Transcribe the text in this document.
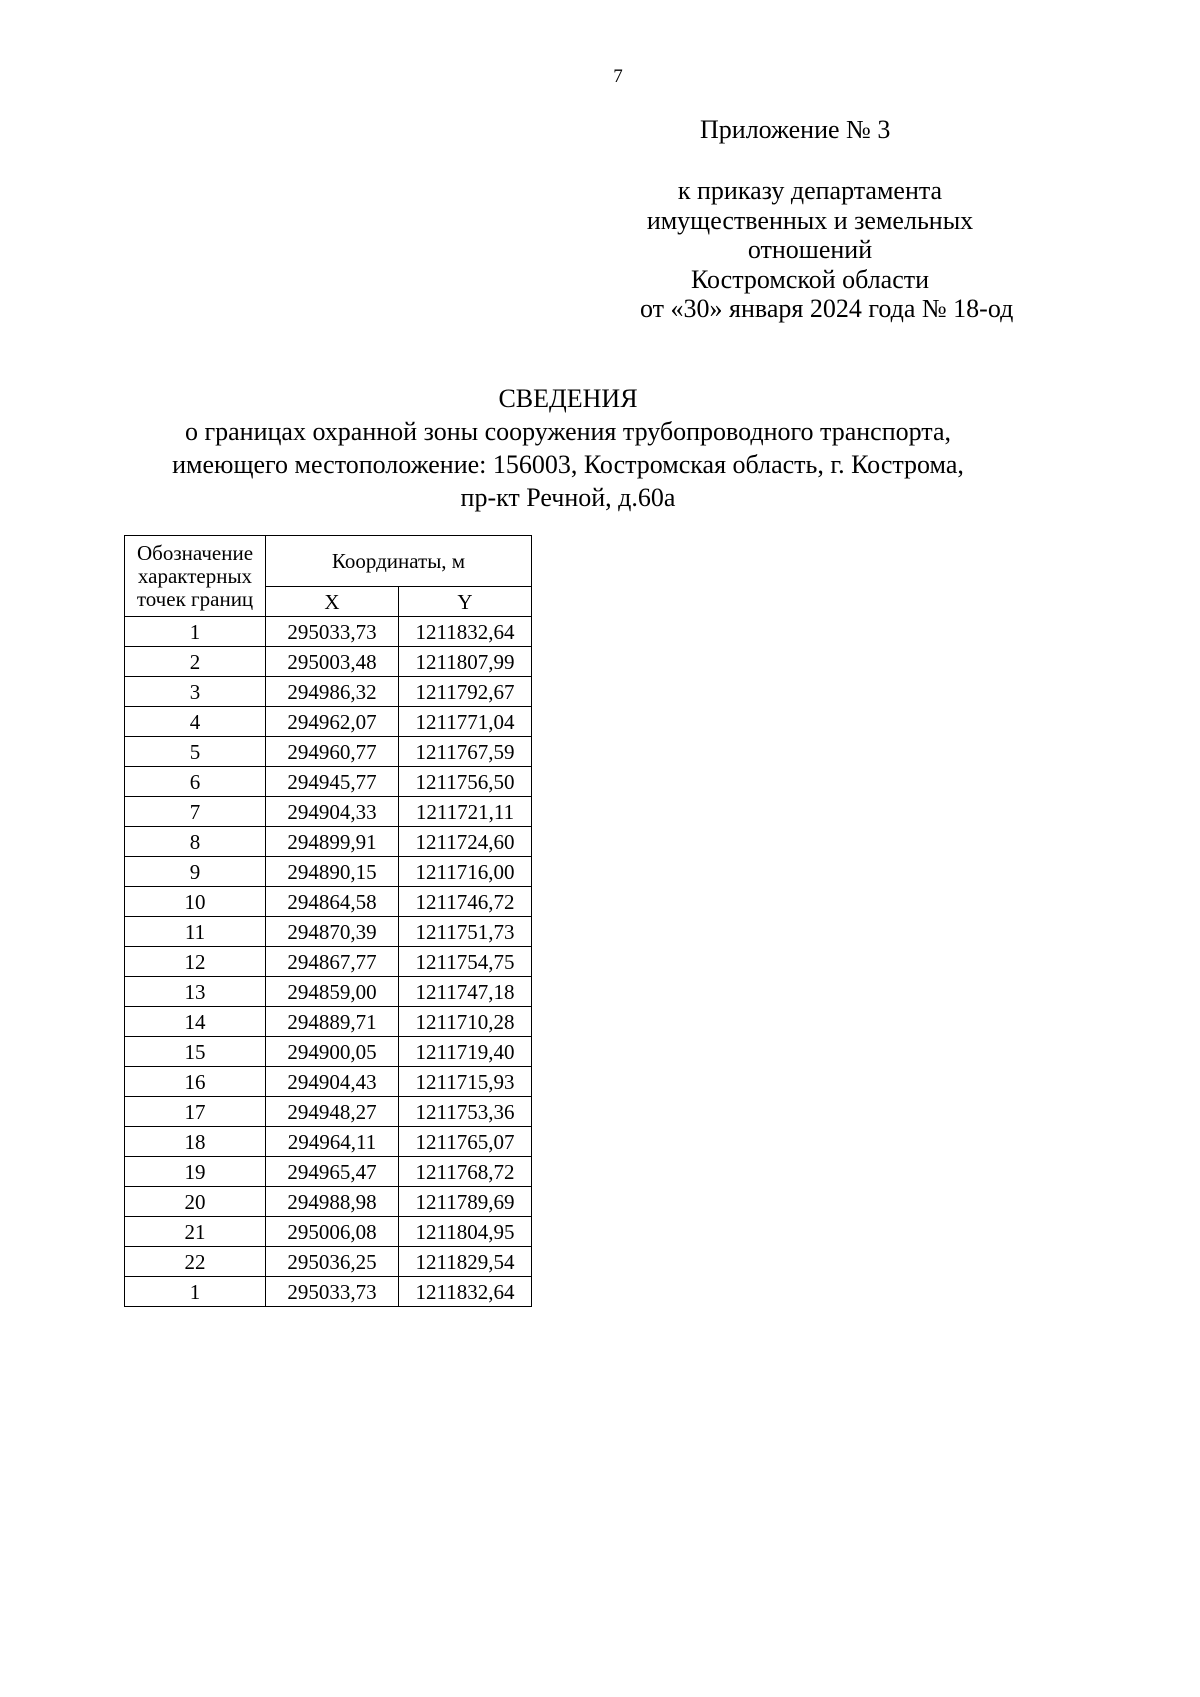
7
Приложение № 3
к приказу департамента
имущественных и земельных
отношений
Костромской области
от «30» января 2024 года № 18-од
СВЕДЕНИЯ
о границах охранной зоны сооружения трубопроводного транспорта,
имеющего местоположение: 156003, Костромская область, г. Кострома,
пр-кт Речной, д.60а
Обозначение
характерных
точек границ	Координаты, м	
	X	Y
1	295033,73	1211832,64
2	295003,48	1211807,99
3	294986,32	1211792,67
4	294962,07	1211771,04
5	294960,77	1211767,59
6	294945,77	1211756,50
7	294904,33	1211721,11
8	294899,91	1211724,60
9	294890,15	1211716,00
10	294864,58	1211746,72
11	294870,39	1211751,73
12	294867,77	1211754,75
13	294859,00	1211747,18
14	294889,71	1211710,28
15	294900,05	1211719,40
16	294904,43	1211715,93
17	294948,27	1211753,36
18	294964,11	1211765,07
19	294965,47	1211768,72
20	294988,98	1211789,69
21	295006,08	1211804,95
22	295036,25	1211829,54
1	295033,73	1211832,64
